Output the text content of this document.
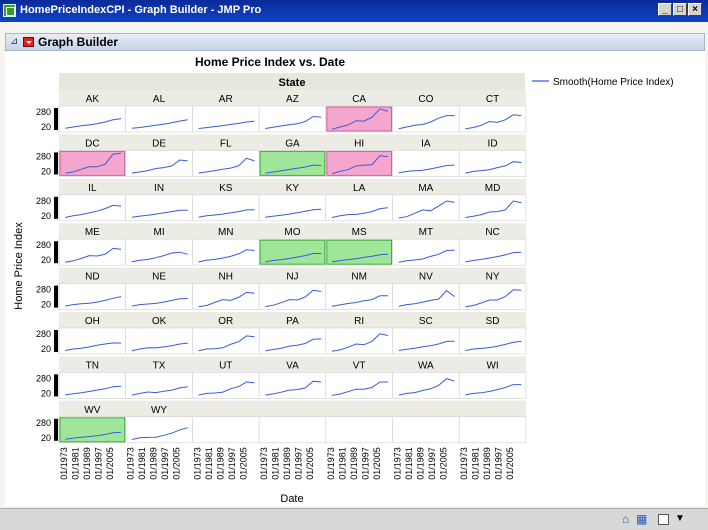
HomePriceIndexCPI - Graph Builder - JMP Pro	_ □ ×
⊿ Graph Builder
Home Price Index vs. Date
State
280
20
280
20
280
20
280
20
280
20
280
20
280
20
280
20
AK	AL	AR	AZ	CA	CO	CT
DC	DE	FL	GA	HI	IA	ID
IL	IN	KS	KY	LA	MA	MD
ME	MI	MN	MO	MS	MT	NC
ND	NE	NH	NJ	NM	NV	NY
OH	OK	OR	PA	RI	SC	SD
TN	TX	UT	VA	VT	WA	WI
WV	WY
01/1973 01/1981 01/1989 01/1997 01/2005 01/1973 01/1981 01/1989 01/1997 01/2005 01/1973 01/1981 01/1989 01/1997 01/2005 01/1973 01/1981 01/1989 01/1997 01/2005 01/1973 01/1981 01/1989 01/1997 01/2005 01/1973 01/1981 01/1989 01/1997 01/2005 01/1973 01/1981 01/1989 01/1997 01/2005
Date
Home Price Index
Smooth(Home Price Index)
⌂ ▦	▼
